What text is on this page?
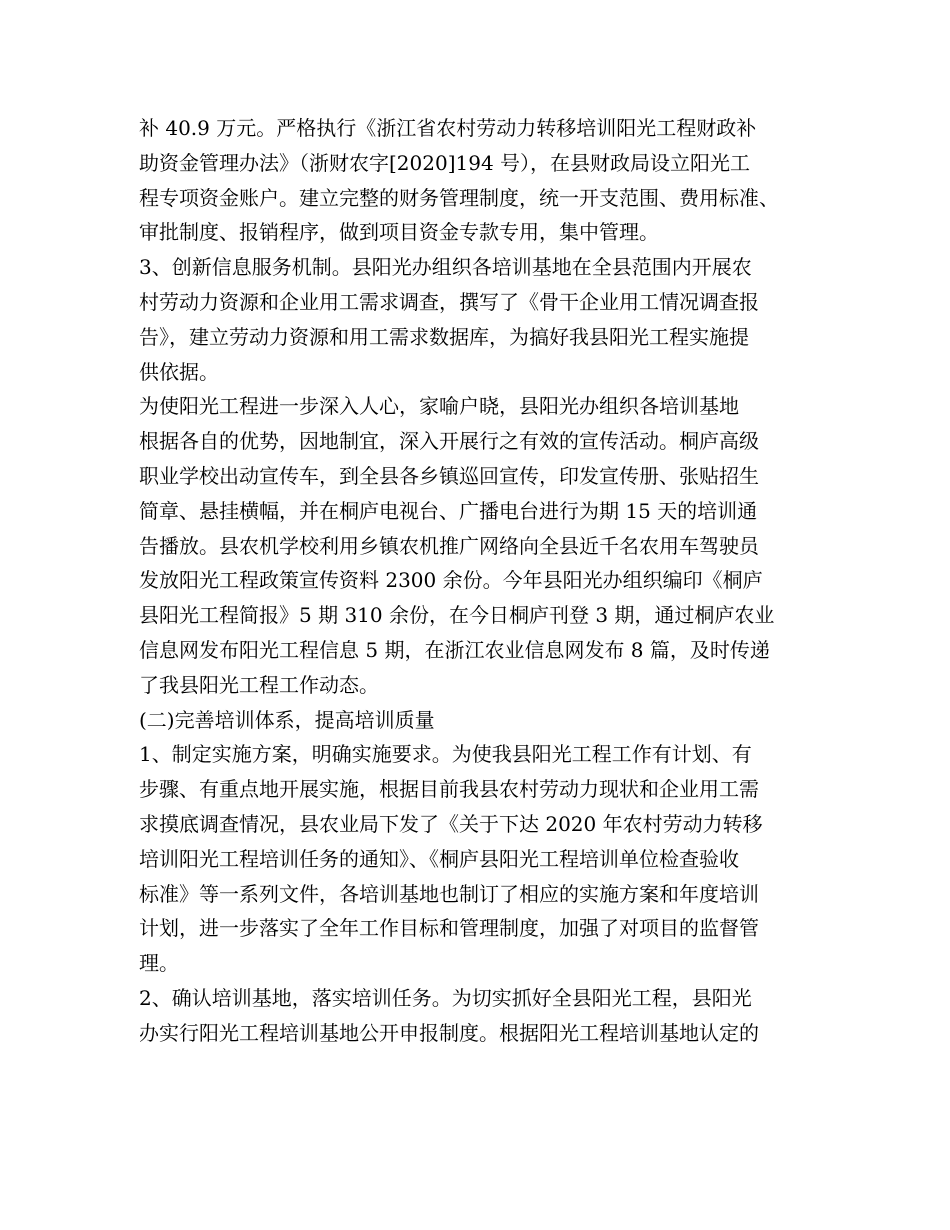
补 40.9 万元。严格执行《浙江省农村劳动力转移培训阳光工程财政补
助资金管理办法》（浙财农字[2020]194 号），在县财政局设立阳光工
程专项资金账户。建立完整的财务管理制度，统一开支范围、费用标准、
审批制度、报销程序，做到项目资金专款专用，集中管理。
3、创新信息服务机制。县阳光办组织各培训基地在全县范围内开展农
村劳动力资源和企业用工需求调查，撰写了《骨干企业用工情况调查报
告》，建立劳动力资源和用工需求数据库，为搞好我县阳光工程实施提
供依据。
为使阳光工程进一步深入人心，家喻户晓，县阳光办组织各培训基地
根据各自的优势，因地制宜，深入开展行之有效的宣传活动。桐庐高级
职业学校出动宣传车，到全县各乡镇巡回宣传，印发宣传册、张贴招生
简章、悬挂横幅，并在桐庐电视台、广播电台进行为期 15 天的培训通
告播放。县农机学校利用乡镇农机推广网络向全县近千名农用车驾驶员
发放阳光工程政策宣传资料 2300 余份。今年县阳光办组织编印《桐庐
县阳光工程简报》5 期 310 余份，在今日桐庐刊登 3 期，通过桐庐农业
信息网发布阳光工程信息 5 期，在浙江农业信息网发布 8 篇，及时传递
了我县阳光工程工作动态。
(二)完善培训体系，提高培训质量
1、制定实施方案，明确实施要求。为使我县阳光工程工作有计划、有
步骤、有重点地开展实施，根据目前我县农村劳动力现状和企业用工需
求摸底调查情况，县农业局下发了《关于下达 2020 年农村劳动力转移
培训阳光工程培训任务的通知》、《桐庐县阳光工程培训单位检查验收
标准》等一系列文件，各培训基地也制订了相应的实施方案和年度培训
计划，进一步落实了全年工作目标和管理制度，加强了对项目的监督管
理。
2、确认培训基地，落实培训任务。为切实抓好全县阳光工程，县阳光
办实行阳光工程培训基地公开申报制度。根据阳光工程培训基地认定的
